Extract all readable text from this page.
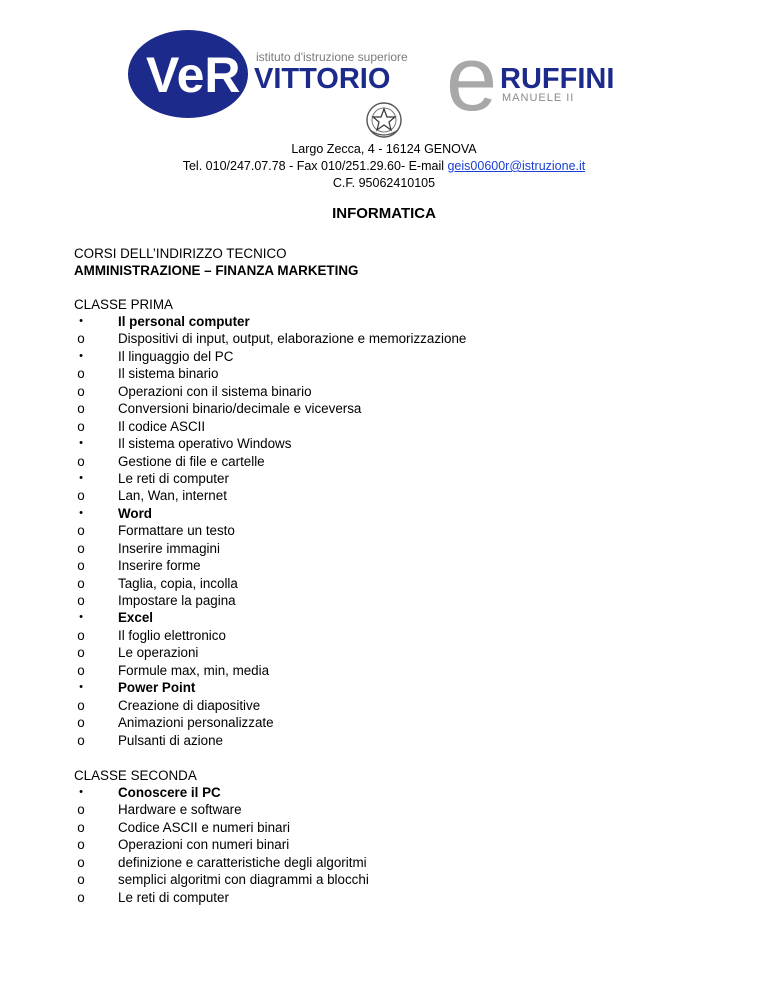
VeR istituto d'istruzione superiore
VITTORIO e RUFFINI
MANUELE II
Largo Zecca, 4 - 16124 GENOVA
Tel. 010/247.07.78 - Fax 010/251.29.60- E-mail geis00600r@istruzione.it
C.F. 95062410105
INFORMATICA
CORSI DELL’INDIRIZZO TECNICO
AMMINISTRAZIONE – FINANZA MARKETING
CLASSE PRIMA
•	Il personal computer
o Dispositivi di input, output, elaborazione e memorizzazione
•	Il linguaggio del PC
o Il sistema binario
o Operazioni con il sistema binario
o Conversioni binario/decimale e viceversa
o Il codice ASCII
•	Il sistema operativo Windows
o Gestione di file e cartelle
•	Le reti di computer
o Lan, Wan, internet
•	Word
o Formattare un testo
o Inserire immagini
o Inserire forme
o Taglia, copia, incolla
o Impostare la pagina
•	Excel
o Il foglio elettronico
o Le operazioni
o Formule max, min, media
•	Power Point
o Creazione di diapositive
o Animazioni personalizzate
o Pulsanti di azione
CLASSE SECONDA
•	Conoscere il PC
o Hardware e software
o Codice ASCII e numeri binari
o Operazioni con numeri binari
o definizione e caratteristiche degli algoritmi
o semplici algoritmi con diagrammi a blocchi
o Le reti di computer
